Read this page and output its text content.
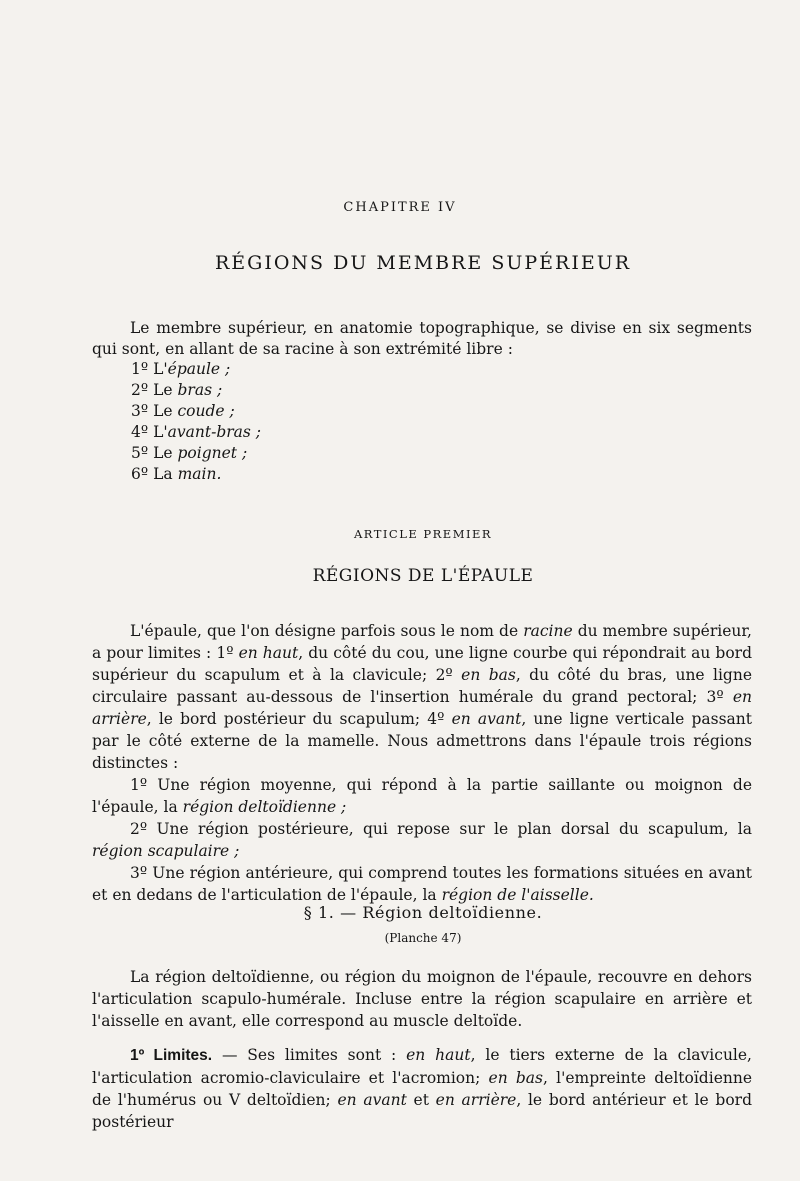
CHAPITRE IV
RÉGIONS DU MEMBRE SUPÉRIEUR

Le membre supérieur, en anatomie topographique, se divise en six segments qui sont, en allant de sa racine à son extrémité libre :

1º L'épaule ;
2º Le bras ;
3º Le coude ;
4º L'avant-bras ;
5º Le poignet ;
6º La main.
ARTICLE PREMIER
RÉGIONS DE L'ÉPAULE

L'épaule, que l'on désigne parfois sous le nom de racine du membre supérieur, a pour limites : 1º en haut, du côté du cou, une ligne courbe qui répondrait au bord supérieur du scapulum et à la clavicule; 2º en bas, du côté du bras, une ligne circulaire passant au-dessous de l'insertion humérale du grand pectoral; 3º en arrière, le bord postérieur du scapulum; 4º en avant, une ligne verticale passant par le côté externe de la mamelle. Nous admettrons dans l'épaule trois régions distinctes :

1º Une région moyenne, qui répond à la partie saillante ou moignon de l'épaule, la région deltoïdienne ;

2º Une région postérieure, qui repose sur le plan dorsal du scapulum, la région scapulaire ;

3º Une région antérieure, qui comprend toutes les formations situées en avant et en dedans de l'articulation de l'épaule, la région de l'aisselle.

§ 1. — Région deltoïdienne.
(Planche 47)

La région deltoïdienne, ou région du moignon de l'épaule, recouvre en dehors l'articulation scapulo-humérale. Incluse entre la région scapulaire en arrière et l'aisselle en avant, elle correspond au muscle deltoïde.

1º Limites. — Ses limites sont : en haut, le tiers externe de la clavicule, l'articulation acromio-claviculaire et l'acromion; en bas, l'empreinte deltoïdienne de l'humérus ou V deltoïdien; en avant et en arrière, le bord antérieur et le bord postérieur
